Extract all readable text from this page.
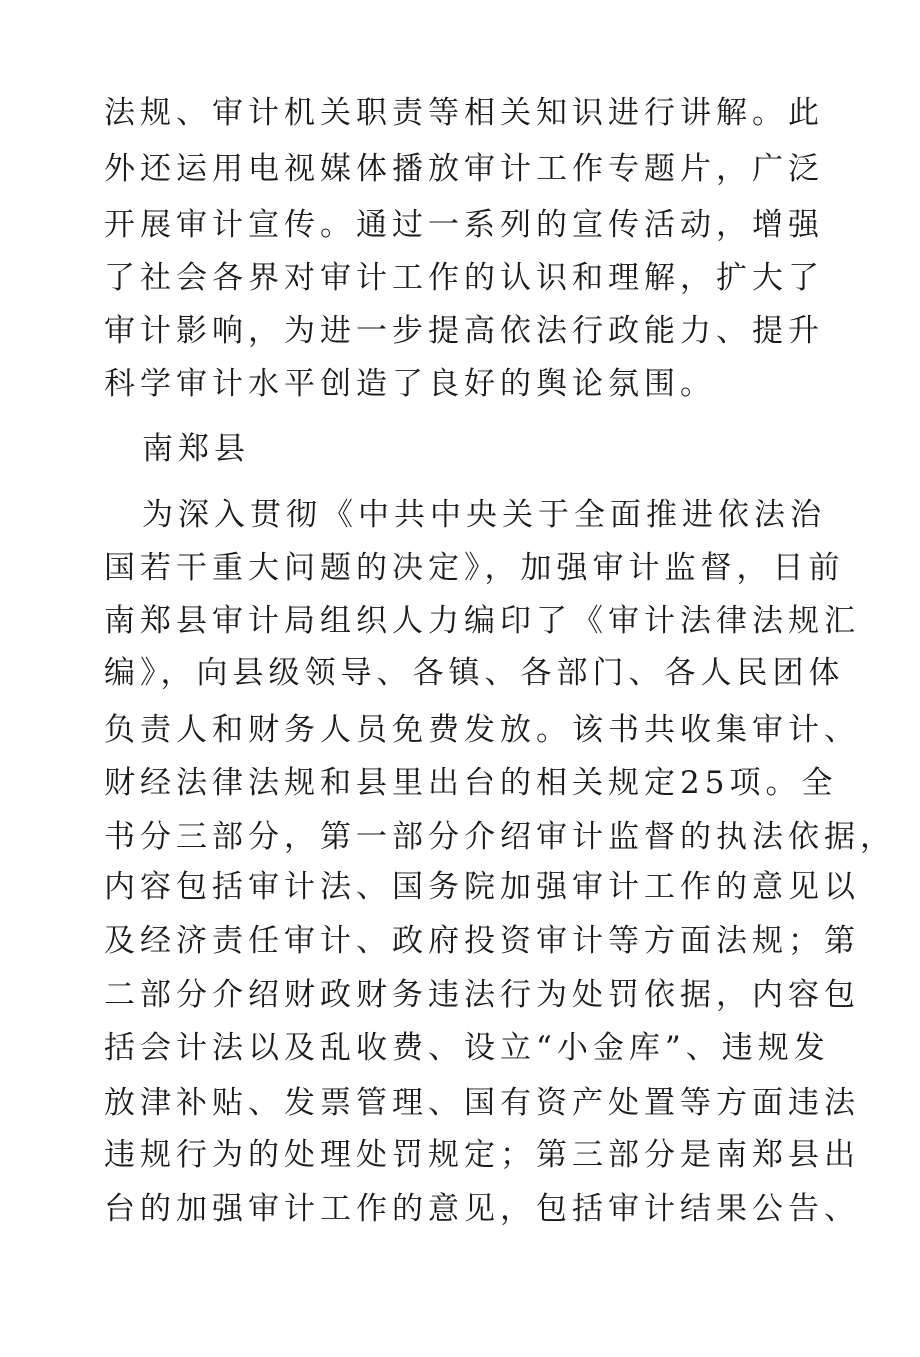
法规、审计机关职责等相关知识进行讲解。此

外还运用电视媒体播放审计工作专题片，广泛

开展审计宣传。通过一系列的宣传活动，增强

了社会各界对审计工作的认识和理解，扩大了

审计影响，为进一步提高依法行政能力、提升

科学审计水平创造了良好的舆论氛围。

南郑县

为深入贯彻《中共中央关于全面推进依法治

国若干重大问题的决定》，加强审计监督，日前

南郑县审计局组织人力编印了《审计法律法规汇

编》，向县级领导、各镇、各部门、各人民团体

负责人和财务人员免费发放。该书共收集审计、

财经法律法规和县里出台的相关规定25项。全

书分三部分，第一部分介绍审计监督的执法依据，

内容包括审计法、国务院加强审计工作的意见以

及经济责任审计、政府投资审计等方面法规；第

二部分介绍财政财务违法行为处罚依据，内容包

括会计法以及乱收费、设立“小金库”、违规发

放津补贴、发票管理、国有资产处置等方面违法

违规行为的处理处罚规定；第三部分是南郑县出

台的加强审计工作的意见，包括审计结果公告、
